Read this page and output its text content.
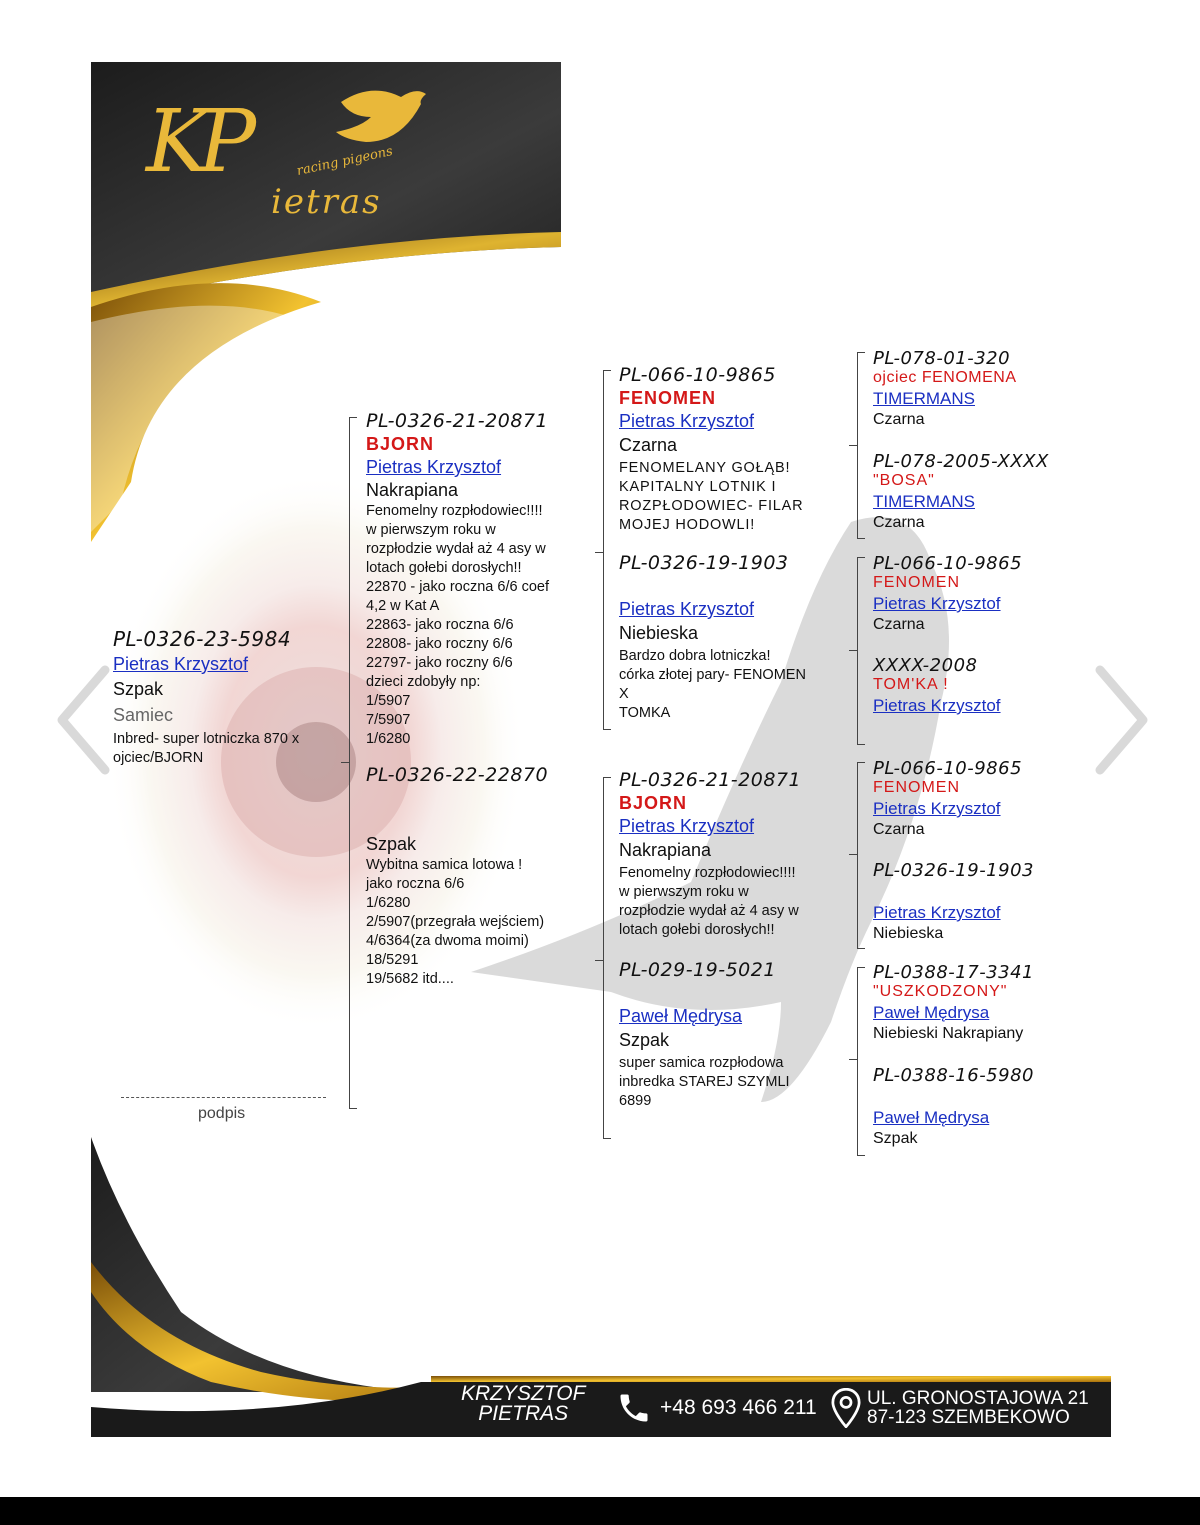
KP
ietras
racing pigeons
PL-0326-23-5984
Pietras Krzysztof
Szpak
Samiec
Inbred- super lotniczka 870 x ojciec/BJORN
podpis
PL-0326-21-20871
BJORN
Pietras Krzysztof
Nakrapiana
Fenomelny rozpłodowiec!!!!
w pierwszym roku w
rozpłodzie wydał aż 4 asy w
lotach gołebi dorosłych!!
22870 - jako roczna 6/6 coef
4,2 w Kat A
22863- jako roczna 6/6
22808- jako roczny 6/6
22797- jako roczny 6/6
dzieci zdobyły np:
1/5907
7/5907
1/6280
PL-0326-22-22870
Szpak
Wybitna samica lotowa !
jako roczna 6/6
1/6280
2/5907(przegrała wejściem)
4/6364(za dwoma moimi)
18/5291
19/5682 itd....
PL-066-10-9865
FENOMEN
Pietras Krzysztof
Czarna
FENOMELANY GOŁĄB!
KAPITALNY LOTNIK I
ROZPŁODOWIEC- FILAR
MOJEJ HODOWLI!
PL-0326-19-1903
Pietras Krzysztof
Niebieska
Bardzo dobra lotniczka!
córka złotej pary- FENOMEN
X
TOMKA
PL-0326-21-20871
BJORN
Pietras Krzysztof
Nakrapiana
Fenomelny rozpłodowiec!!!!
w pierwszym roku w
rozpłodzie wydał aż 4 asy w
lotach gołebi dorosłych!!
PL-029-19-5021
Paweł Mędrysa
Szpak
super samica rozpłodowa
inbredka STAREJ SZYMLI
6899
PL-078-01-320
ojciec FENOMENA
TIMERMANS
Czarna
PL-078-2005-XXXX
"BOSA"
TIMERMANS
Czarna
PL-066-10-9865
FENOMEN
Pietras Krzysztof
Czarna
XXXX-2008
TOM'KA !
Pietras Krzysztof
PL-066-10-9865
FENOMEN
Pietras Krzysztof
Czarna
PL-0326-19-1903
Pietras Krzysztof
Niebieska
PL-0388-17-3341
"USZKODZONY"
Paweł Mędrysa
Niebieski Nakrapiany
PL-0388-16-5980
Paweł Mędrysa
Szpak
KRZYSZTOF
PIETRAS	+48 693 466 211	UL. GRONOSTAJOWA 21
87-123 SZEMBEKOWO
